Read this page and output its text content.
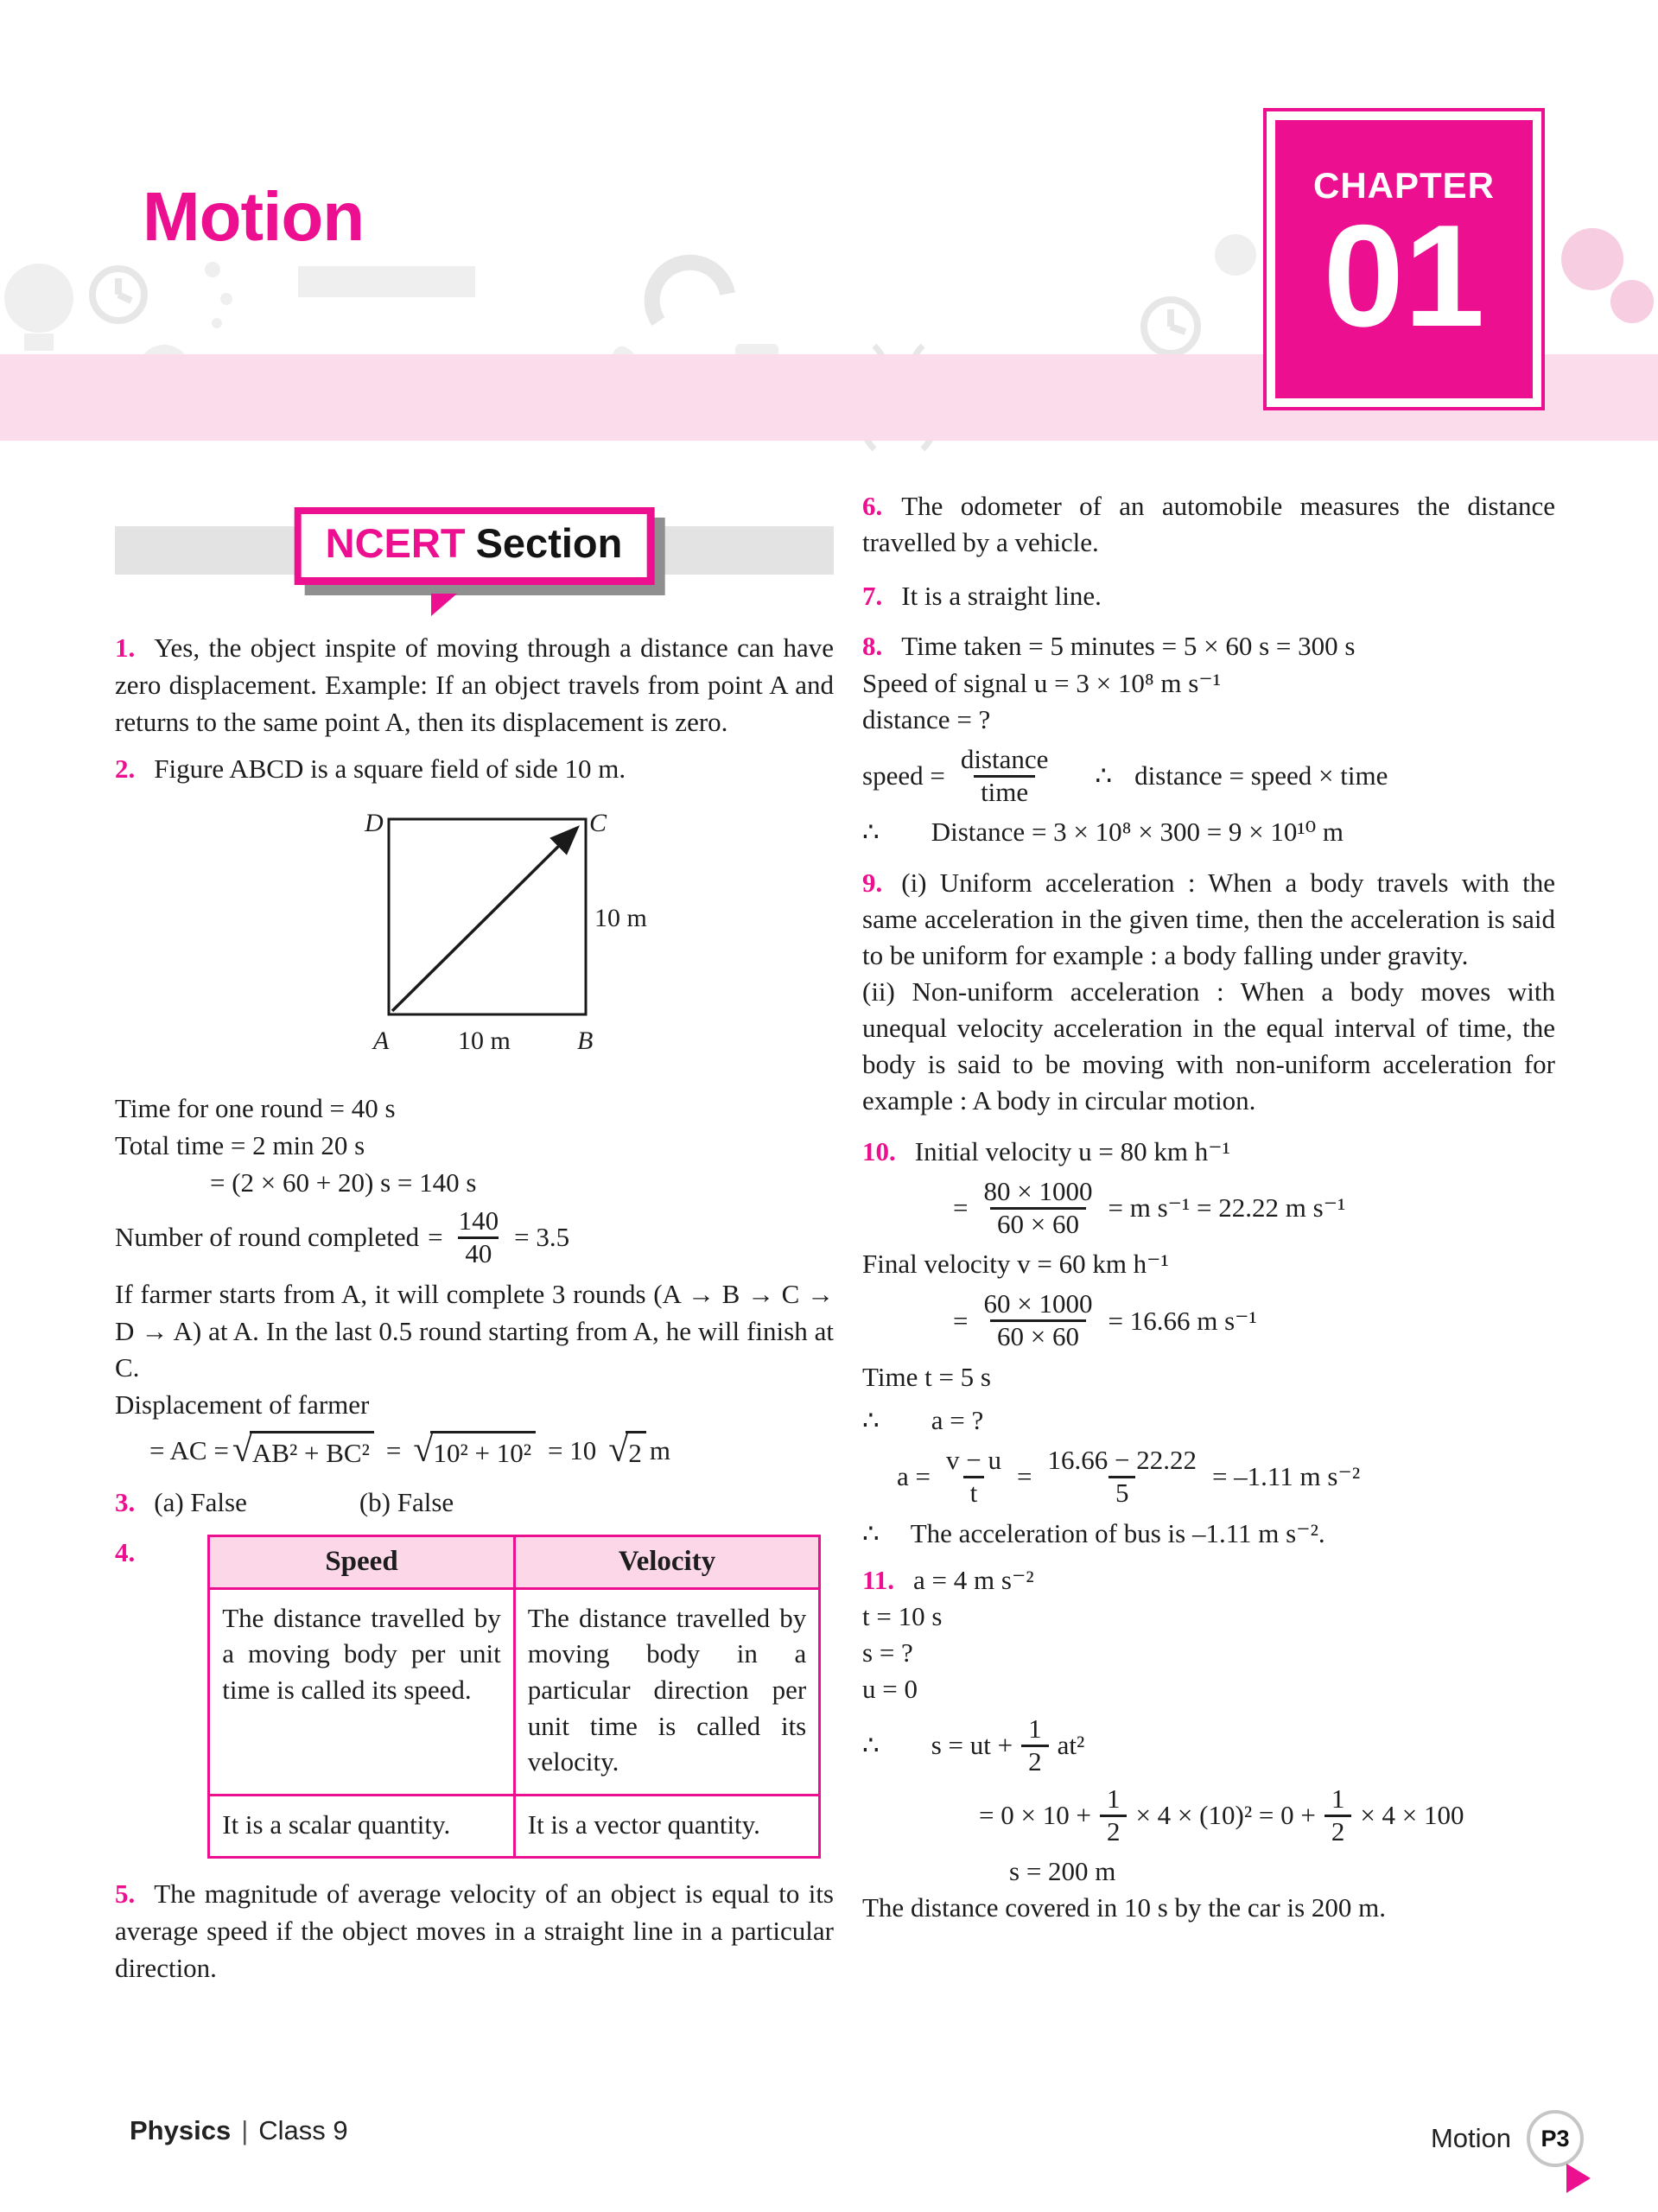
Motion	CHAPTER
01
NCERT Section

1. Yes, the object inspite of moving through a distance can have zero displacement. Example: If an object travels from point A and returns to the same point A, then its displacement is zero.

2. Figure ABCD is a square field of side 10 m.

D	C
A	B
10 m
10 m

Time for one round = 40 s

Total time = 2 min 20 s

= (2 × 60 + 20) s = 140 s

Number of round completed = $\frac{140}{40} = 3.5$

If farmer starts from A, it will complete 3 rounds (A → B → C → D → A) at A. In the last 0.5 round starting from A, he will finish at C.

Displacement of farmer

= AC = √ AB² + BC² = √ 10² + 10² = 10 √ 2 m
3. (a) False	(b) False
4.	Speed	Velocity
The distance travelled by a moving body per unit time is called its speed.	The distance travelled by moving body in a particular direction per unit time is called its velocity.
It is a scalar quantity.	It is a vector quantity.

5. The magnitude of average velocity of an object is equal to its average speed if the object moves in a straight line in a particular direction.

6. The odometer of an automobile measures the distance travelled by a vehicle.

7. It is a straight line.

8. Time taken = 5 minutes = 5 × 60 s = 300 s

Speed of signal u = 3 × 10⁸ m s⁻¹

distance = ?

speed = $\frac{\text{distance}}{\text{time}}$ ∴ distance = speed × time
∴ Distance = 3 × 10⁸ × 300 = 9 × 10¹⁰ m

9. (i) Uniform acceleration : When a body travels with the same acceleration in the given time, then the acceleration is said to be uniform for example : a body falling under gravity.

(ii) Non-uniform acceleration : When a body moves with unequal velocity acceleration in the equal interval of time, the body is said to be moving with non-uniform acceleration for example : A body in circular motion.

10. Initial velocity u = 80 km h⁻¹

= $\frac{80 \times 1000}{60 \times 60} = m$ s⁻¹ = 22.22 m s⁻¹

Final velocity v = 60 km h⁻¹

= $\frac{60 \times 1000}{60 \times 60} = 16.66$ m s⁻¹

Time t = 5 s

∴ a = ?
$a = \frac{v - u}{t} = \frac{16.66 - 22.22}{5} = -1.11$ m s⁻²
∴ The acceleration of bus is –1.11 m s⁻².

11. a = 4 m s⁻²

t = 10 s

s = ?

u = 0

∴ s = ut + $\frac{1}{2} at^2$
= $0 \times 10 + \frac{1}{2} \times 4 \times (10)^2 = 0 + \frac{1}{2} \times 4 \times 100$

s = 200 m

The distance covered in 10 s by the car is 200 m.

Physics | Class 9	Motion P3
